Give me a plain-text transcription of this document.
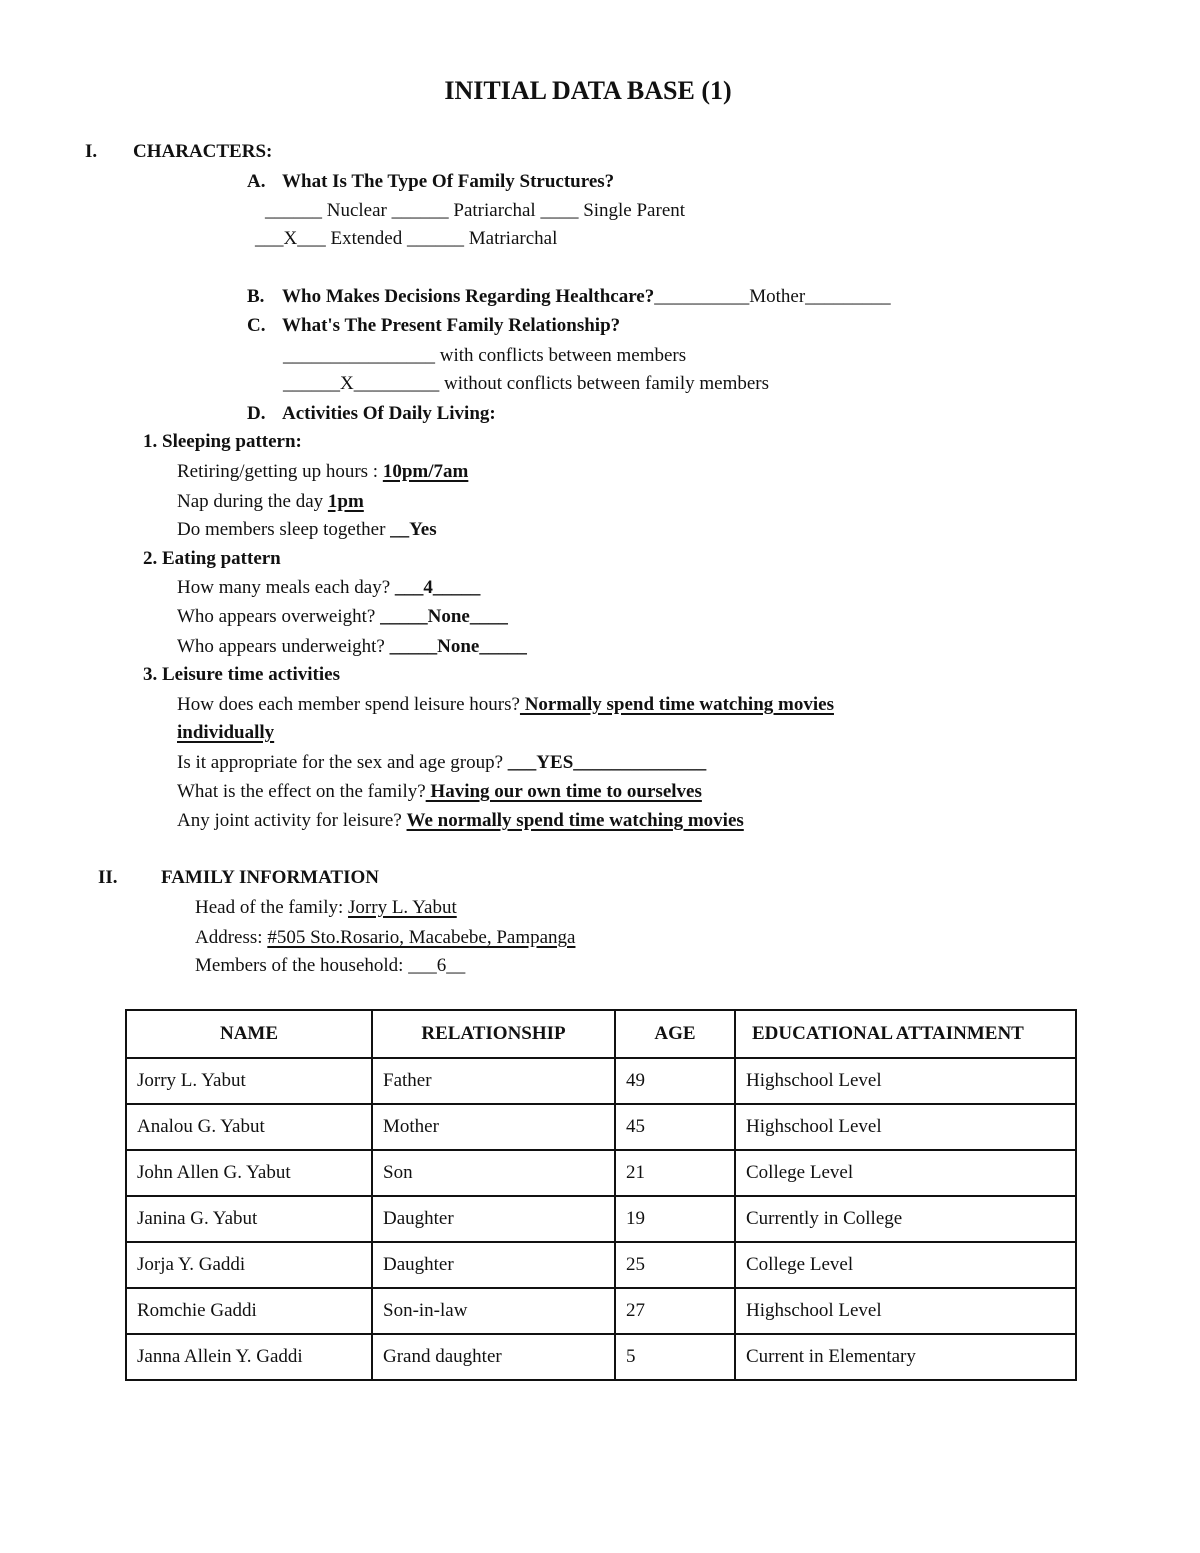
INITIAL DATA BASE (1)
I. CHARACTERS:
A. What Is The Type Of Family Structures?
______ Nuclear ______ Patriarchal ____ Single Parent
___X___ Extended ______ Matriarchal
B. Who Makes Decisions Regarding Healthcare?__________Mother_________
C. What's The Present Family Relationship?
________________ with conflicts between members
______X_________ without conflicts between family members
D. Activities Of Daily Living:
1. Sleeping pattern:
Retiring/getting up hours : 10pm/7am
Nap during the day 1pm
Do members sleep together __Yes
2. Eating pattern
How many meals each day? ___4_____
Who appears overweight? _____None____
Who appears underweight? _____None_____
3. Leisure time activities
How does each member spend leisure hours? Normally spend time watching movies
individually
Is it appropriate for the sex and age group? ___YES______________
What is the effect on the family? Having our own time to ourselves
Any joint activity for leisure? We normally spend time watching movies
II. FAMILY INFORMATION
Head of the family: Jorry L. Yabut
Address: #505 Sto.Rosario, Macabebe, Pampanga
Members of the household: ___6__
NAME	RELATIONSHIP	AGE	EDUCATIONAL ATTAINMENT
Jorry L. Yabut	Father	49	Highschool Level
Analou G. Yabut	Mother	45	Highschool Level
John Allen G. Yabut	Son	21	College Level
Janina G. Yabut	Daughter	19	Currently in College
Jorja Y. Gaddi	Daughter	25	College Level
Romchie Gaddi	Son-in-law	27	Highschool Level
Janna Allein Y. Gaddi	Grand daughter	5	Current in Elementary
